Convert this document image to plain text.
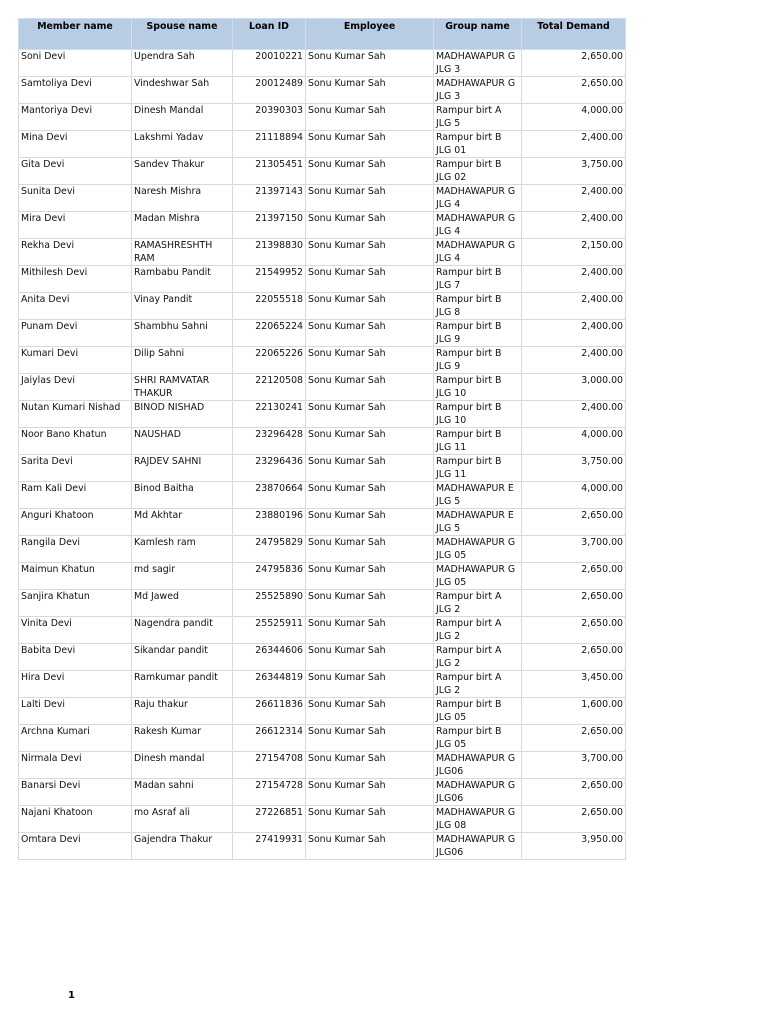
Member name	Spouse name	Loan ID	Employee	Group name	Total Demand
Soni Devi	Upendra Sah	20010221	Sonu Kumar Sah	MADHAWAPUR G JLG 3	2,650.00
Samtoliya Devi	Vindeshwar Sah	20012489	Sonu Kumar Sah	MADHAWAPUR G JLG 3	2,650.00
Mantoriya Devi	Dinesh Mandal	20390303	Sonu Kumar Sah	Rampur birt A JLG 5	4,000.00
Mina Devi	Lakshmi Yadav	21118894	Sonu Kumar Sah	Rampur birt B JLG 01	2,400.00
Gita Devi	Sandev Thakur	21305451	Sonu Kumar Sah	Rampur birt B JLG 02	3,750.00
Sunita Devi	Naresh Mishra	21397143	Sonu Kumar Sah	MADHAWAPUR G JLG 4	2,400.00
Mira Devi	Madan Mishra	21397150	Sonu Kumar Sah	MADHAWAPUR G JLG 4	2,400.00
Rekha Devi	RAMASHRESHTH RAM	21398830	Sonu Kumar Sah	MADHAWAPUR G JLG 4	2,150.00
Mithilesh Devi	Rambabu Pandit	21549952	Sonu Kumar Sah	Rampur birt B JLG 7	2,400.00
Anita Devi	Vinay Pandit	22055518	Sonu Kumar Sah	Rampur birt B JLG 8	2,400.00
Punam Devi	Shambhu Sahni	22065224	Sonu Kumar Sah	Rampur birt B JLG 9	2,400.00
Kumari Devi	Dilip Sahni	22065226	Sonu Kumar Sah	Rampur birt B JLG 9	2,400.00
Jaiylas Devi	SHRI RAMVATAR THAKUR	22120508	Sonu Kumar Sah	Rampur birt B JLG 10	3,000.00
Nutan Kumari Nishad	BINOD NISHAD	22130241	Sonu Kumar Sah	Rampur birt B JLG 10	2,400.00
Noor Bano Khatun	NAUSHAD	23296428	Sonu Kumar Sah	Rampur birt B JLG 11	4,000.00
Sarita Devi	RAJDEV SAHNI	23296436	Sonu Kumar Sah	Rampur birt B JLG 11	3,750.00
Ram Kali Devi	Binod Baitha	23870664	Sonu Kumar Sah	MADHAWAPUR E JLG 5	4,000.00
Anguri Khatoon	Md Akhtar	23880196	Sonu Kumar Sah	MADHAWAPUR E JLG 5	2,650.00
Rangila Devi	Kamlesh ram	24795829	Sonu Kumar Sah	MADHAWAPUR G JLG 05	3,700.00
Maimun Khatun	md sagir	24795836	Sonu Kumar Sah	MADHAWAPUR G JLG 05	2,650.00
Sanjira Khatun	Md Jawed	25525890	Sonu Kumar Sah	Rampur birt A JLG 2	2,650.00
Vinita Devi	Nagendra pandit	25525911	Sonu Kumar Sah	Rampur birt A JLG 2	2,650.00
Babita Devi	Sikandar pandit	26344606	Sonu Kumar Sah	Rampur birt A JLG 2	2,650.00
Hira Devi	Ramkumar pandit	26344819	Sonu Kumar Sah	Rampur birt A JLG 2	3,450.00
Lalti Devi	Raju thakur	26611836	Sonu Kumar Sah	Rampur birt B JLG 05	1,600.00
Archna Kumari	Rakesh Kumar	26612314	Sonu Kumar Sah	Rampur birt B JLG 05	2,650.00
Nirmala Devi	Dinesh mandal	27154708	Sonu Kumar Sah	MADHAWAPUR G JLG06	3,700.00
Banarsi Devi	Madan sahni	27154728	Sonu Kumar Sah	MADHAWAPUR G JLG06	2,650.00
Najani Khatoon	mo Asraf ali	27226851	Sonu Kumar Sah	MADHAWAPUR G JLG 08	2,650.00
Omtara Devi	Gajendra Thakur	27419931	Sonu Kumar Sah	MADHAWAPUR G JLG06	3,950.00
1
